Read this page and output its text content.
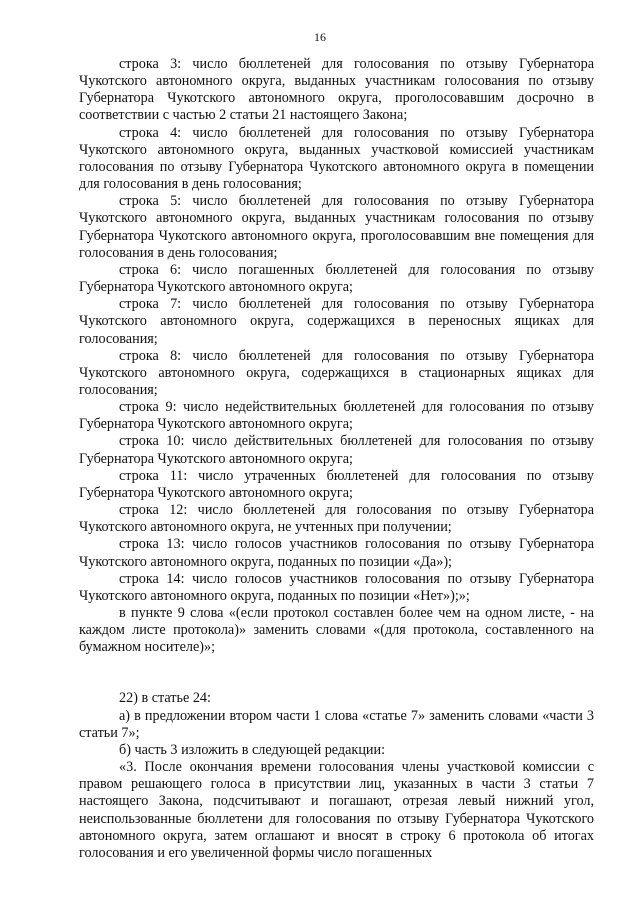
16

строка 3: число бюллетеней для голосования по отзыву Губернатора Чукотского автономного округа, выданных участникам голосования по отзыву Губернатора Чукотского автономного округа, проголосовавшим досрочно в соответствии с частью 2 статьи 21 настоящего Закона;

строка 4: число бюллетеней для голосования по отзыву Губернатора Чукотского автономного округа, выданных участковой комиссией участникам голосования по отзыву Губернатора Чукотского автономного округа в помещении для голосования в день голосования;

строка 5: число бюллетеней для голосования по отзыву Губернатора Чукотского автономного округа, выданных участникам голосования по отзыву Губернатора Чукотского автономного округа, проголосовавшим вне помещения для голосования в день голосования;

строка 6: число погашенных бюллетеней для голосования по отзыву Губернатора Чукотского автономного округа;

строка 7: число бюллетеней для голосования по отзыву Губернатора Чукотского автономного округа, содержащихся в переносных ящиках для голосования;

строка 8: число бюллетеней для голосования по отзыву Губернатора Чукотского автономного округа, содержащихся в стационарных ящиках для голосования;

строка 9: число недействительных бюллетеней для голосования по отзыву Губернатора Чукотского автономного округа;

строка 10: число действительных бюллетеней для голосования по отзыву Губернатора Чукотского автономного округа;

строка 11: число утраченных бюллетеней для голосования по отзыву Губернатора Чукотского автономного округа;

строка 12: число бюллетеней для голосования по отзыву Губернатора Чукотского автономного округа, не учтенных при получении;

строка 13: число голосов участников голосования по отзыву Губернатора Чукотского автономного округа, поданных по позиции «Да»);

строка 14: число голосов участников голосования по отзыву Губернатора Чукотского автономного округа, поданных по позиции «Нет»);»;

в пункте 9 слова «(если протокол составлен более чем на одном листе, - на каждом листе протокола)» заменить словами «(для протокола, составленного на бумажном носителе)»;

22) в статье 24:

а) в предложении втором части 1 слова «статье 7» заменить словами «части 3 статьи 7»;

б) часть 3 изложить в следующей редакции:

«3. После окончания времени голосования члены участковой комиссии с правом решающего голоса в присутствии лиц, указанных в части 3 статьи 7 настоящего Закона, подсчитывают и погашают, отрезая левый нижний угол, неиспользованные бюллетени для голосования по отзыву Губернатора Чукотского автономного округа, затем оглашают и вносят в строку 6 протокола об итогах голосования и его увеличенной формы число погашенных
